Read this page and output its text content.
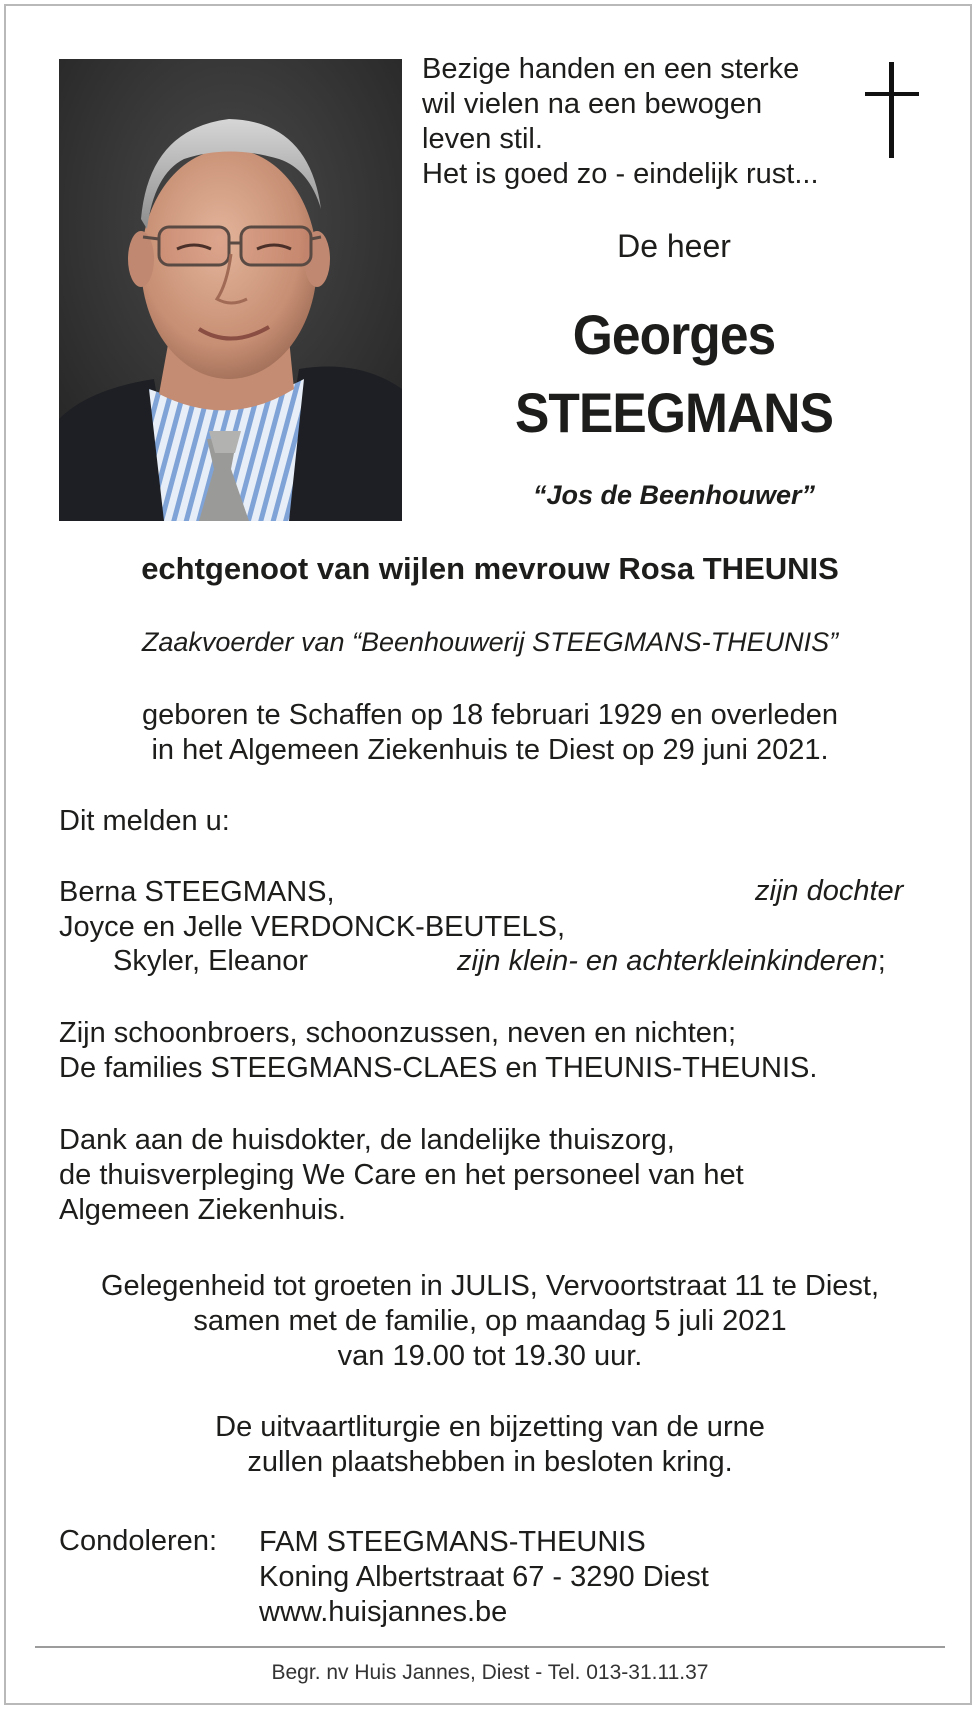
Bezige handen en een sterke
wil vielen na een bewogen
leven stil.
Het is goed zo - eindelijk rust...
De heer
Georges
STEEGMANS
“Jos de Beenhouwer”
echtgenoot van wijlen mevrouw Rosa THEUNIS
Zaakvoerder van “Beenhouwerij STEEGMANS-THEUNIS”
geboren te Schaffen op 18 februari 1929 en overleden
in het Algemeen Ziekenhuis te Diest op 29 juni 2021.
Dit melden u:
Berna STEEGMANS,	zijn dochter
Joyce en Jelle VERDONCK-BEUTELS,
Skyler, Eleanor	zijn klein- en achterkleinkinderen;
Zijn schoonbroers, schoonzussen, neven en nichten;
De families STEEGMANS-CLAES en THEUNIS-THEUNIS.
Dank aan de huisdokter, de landelijke thuiszorg,
de thuisverpleging We Care en het personeel van het
Algemeen Ziekenhuis.
Gelegenheid tot groeten in JULIS, Vervoortstraat 11 te Diest,
samen met de familie, op maandag 5 juli 2021
van 19.00 tot 19.30 uur.
De uitvaartliturgie en bijzetting van de urne
zullen plaatshebben in besloten kring.
Condoleren: FAM STEEGMANS-THEUNIS
Koning Albertstraat 67 - 3290 Diest
www.huisjannes.be
Begr. nv Huis Jannes, Diest - Tel. 013-31.11.37
